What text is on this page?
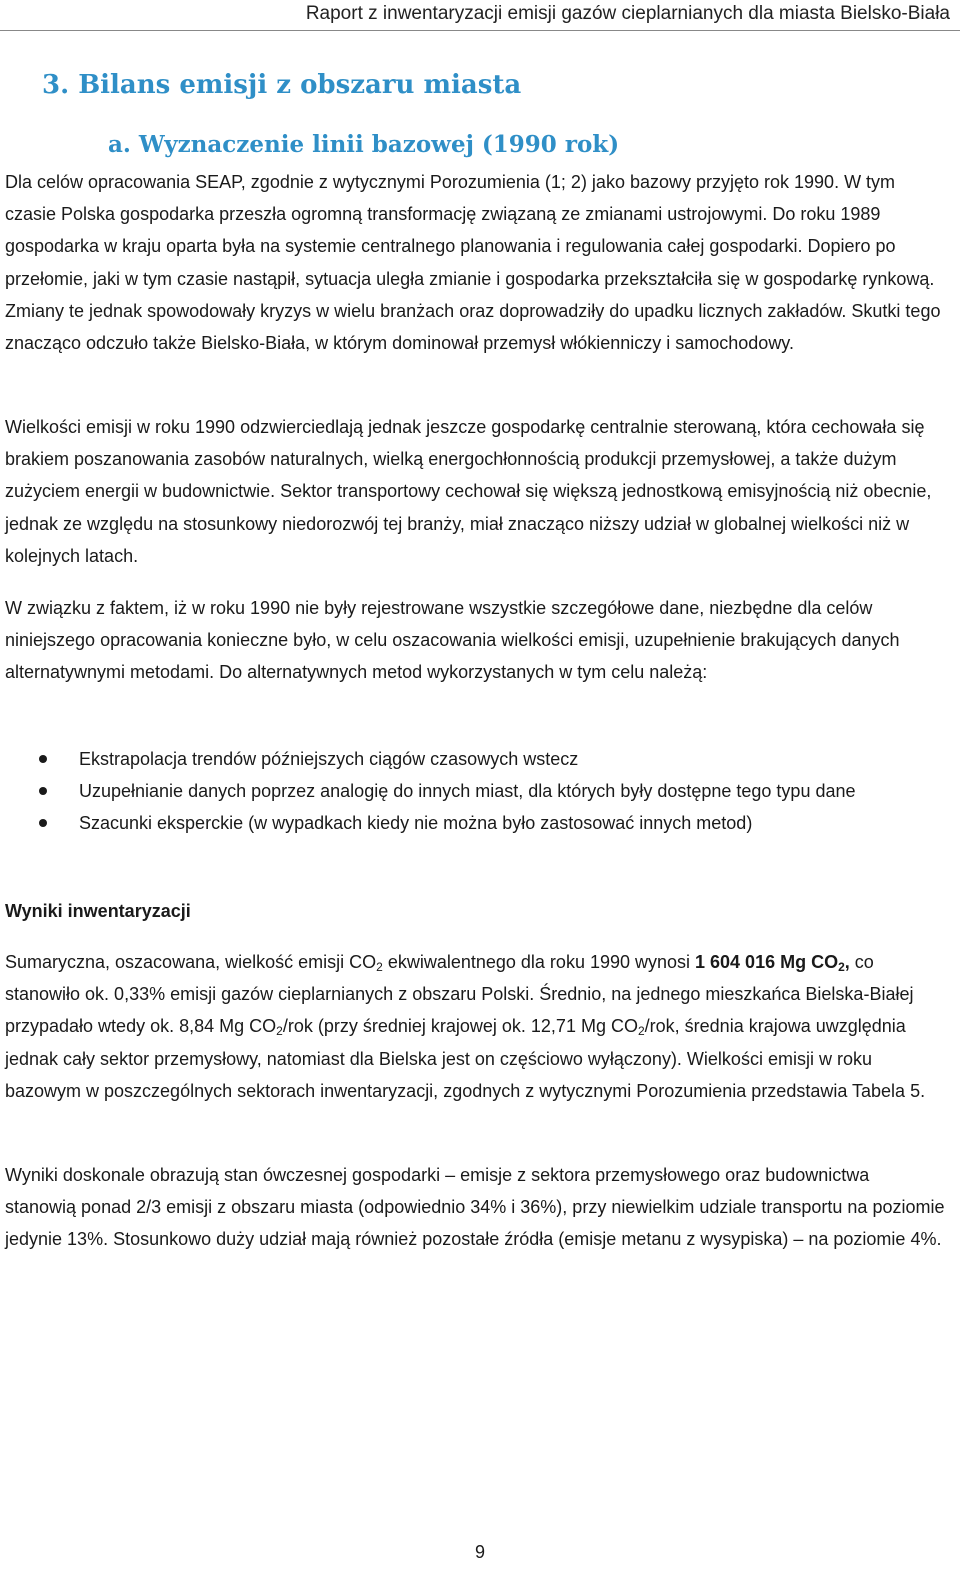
Raport z inwentaryzacji emisji gazów cieplarnianych dla miasta Bielsko-Biała
3. Bilans emisji z obszaru miasta
a. Wyznaczenie linii bazowej (1990 rok)

Dla celów opracowania SEAP, zgodnie z wytycznymi Porozumienia (1; 2) jako bazowy przyjęto rok 1990. W tym czasie Polska gospodarka przeszła ogromną transformację związaną ze zmianami ustrojowymi. Do roku 1989 gospodarka w kraju oparta była na systemie centralnego planowania i regulowania całej gospodarki. Dopiero po przełomie, jaki w tym czasie nastąpił, sytuacja uległa zmianie i gospodarka przekształciła się w gospodarkę rynkową. Zmiany te jednak spowodowały kryzys w wielu branżach oraz doprowadziły do upadku licznych zakładów. Skutki tego znacząco odczuło także Bielsko-Biała, w którym dominował przemysł włókienniczy i samochodowy.

Wielkości emisji w roku 1990 odzwierciedlają jednak jeszcze gospodarkę centralnie sterowaną, która cechowała się brakiem poszanowania zasobów naturalnych, wielką energochłonnością produkcji przemysłowej, a także dużym zużyciem energii w budownictwie. Sektor transportowy cechował się większą jednostkową emisyjnością niż obecnie, jednak ze względu na stosunkowy niedorozwój tej branży, miał znacząco niższy udział w globalnej wielkości niż w kolejnych latach.

W związku z faktem, iż w roku 1990 nie były rejestrowane wszystkie szczegółowe dane, niezbędne dla celów niniejszego opracowania konieczne było, w celu oszacowania wielkości emisji, uzupełnienie brakujących danych alternatywnymi metodami. Do alternatywnych metod wykorzystanych w tym celu należą:

Ekstrapolacja trendów późniejszych ciągów czasowych wstecz
Uzupełnianie danych poprzez analogię do innych miast, dla których były dostępne tego typu dane
Szacunki eksperckie (w wypadkach kiedy nie można było zastosować innych metod)
Wyniki inwentaryzacji

Sumaryczna, oszacowana, wielkość emisji $CO_2$ ekwiwalentnego dla roku 1990 wynosi 1 604 016 Mg $CO_2$, co stanowiło ok. 0,33% emisji gazów cieplarnianych z obszaru Polski. Średnio, na jednego mieszkańca Bielska-Białej przypadało wtedy ok. 8,84 Mg $CO_2$/rok (przy średniej krajowej ok. 12,71 Mg $CO_2$/rok, średnia krajowa uwzględnia jednak cały sektor przemysłowy, natomiast dla Bielska jest on częściowo wyłączony). Wielkości emisji w roku bazowym w poszczególnych sektorach inwentaryzacji, zgodnych z wytycznymi Porozumienia przedstawia Tabela 5.

Wyniki doskonale obrazują stan ówczesnej gospodarki – emisje z sektora przemysłowego oraz budownictwa stanowią ponad 2/3 emisji z obszaru miasta (odpowiednio 34% i 36%), przy niewielkim udziale transportu na poziomie jedynie 13%. Stosunkowo duży udział mają również pozostałe źródła (emisje metanu z wysypiska) – na poziomie 4%.

9
